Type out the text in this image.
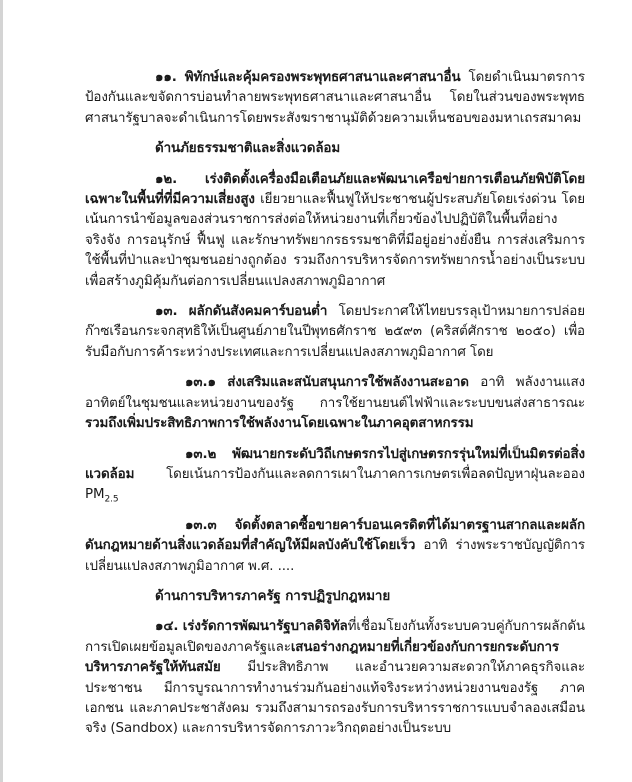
๑๑. พิทักษ์และคุ้มครองพระพุทธศาสนาและศาสนาอื่น โดยดำเนินมาตรการป้องกันและขจัดการบ่อนทำลายพระพุทธศาสนาและศาสนาอื่น โดยในส่วนของพระพุทธศาสนารัฐบาลจะดำเนินการโดยพระสังฆราชานุมัติด้วยความเห็นชอบของมหาเถรสมาคม

ด้านภัยธรรมชาติและสิ่งแวดล้อม

๑๒. เร่งติดตั้งเครื่องมือเตือนภัยและพัฒนาเครือข่ายการเตือนภัยพิบัติโดยเฉพาะในพื้นที่ที่มีความเสี่ยงสูง เยียวยาและฟื้นฟูให้ประชาชนผู้ประสบภัยโดยเร่งด่วน โดยเน้นการนำข้อมูลของส่วนราชการส่งต่อให้หน่วยงานที่เกี่ยวข้องไปปฏิบัติในพื้นที่อย่างจริงจัง การอนุรักษ์ ฟื้นฟู และรักษาทรัพยากรธรรมชาติที่มีอยู่อย่างยั่งยืน การส่งเสริมการใช้พื้นที่ป่าและป่าชุมชนอย่างถูกต้อง รวมถึงการบริหารจัดการทรัพยากรน้ำอย่างเป็นระบบ เพื่อสร้างภูมิคุ้มกันต่อการเปลี่ยนแปลงสภาพภูมิอากาศ

๑๓. ผลักดันสังคมคาร์บอนต่ำ โดยประกาศให้ไทยบรรลุเป้าหมายการปล่อยก๊าซเรือนกระจกสุทธิให้เป็นศูนย์ภายในปีพุทธศักราช ๒๕๙๓ (คริสต์ศักราช ๒๐๕๐) เพื่อรับมือกับการค้าระหว่างประเทศและการเปลี่ยนแปลงสภาพภูมิอากาศ โดย

๑๓.๑ ส่งเสริมและสนับสนุนการใช้พลังงานสะอาด อาทิ พลังงานแสงอาทิตย์ในชุมชนและหน่วยงานของรัฐ การใช้ยานยนต์ไฟฟ้าและระบบขนส่งสาธารณะ รวมถึงเพิ่มประสิทธิภาพการใช้พลังงานโดยเฉพาะในภาคอุตสาหกรรม

๑๓.๒ พัฒนายกระดับวิถีเกษตรกรไปสู่เกษตรกรรุ่นใหม่ที่เป็นมิตรต่อสิ่งแวดล้อม โดยเน้นการป้องกันและลดการเผาในภาคการเกษตรเพื่อลดปัญหาฝุ่นละออง $PM_{2.5}$

๑๓.๓ จัดตั้งตลาดซื้อขายคาร์บอนเครดิตที่ได้มาตรฐานสากลและผลักดันกฎหมายด้านสิ่งแวดล้อมที่สำคัญให้มีผลบังคับใช้โดยเร็ว อาทิ ร่างพระราชบัญญัติการเปลี่ยนแปลงสภาพภูมิอากาศ พ.ศ. ....

ด้านการบริหารภาครัฐ การปฏิรูปกฎหมาย

๑๔. เร่งรัดการพัฒนารัฐบาลดิจิทัลที่เชื่อมโยงกันทั้งระบบควบคู่กับการผลักดันการเปิดเผยข้อมูลเปิดของภาครัฐและเสนอร่างกฎหมายที่เกี่ยวข้องกับการยกระดับการบริหารภาครัฐให้ทันสมัย มีประสิทธิภาพ และอำนวยความสะดวกให้ภาคธุรกิจและประชาชน มีการบูรณาการทำงานร่วมกันอย่างแท้จริงระหว่างหน่วยงานของรัฐ ภาคเอกชน และภาคประชาสังคม รวมถึงสามารถรองรับการบริหารราชการแบบจำลองเสมือนจริง (Sandbox) และการบริหารจัดการภาวะวิกฤตอย่างเป็นระบบ
